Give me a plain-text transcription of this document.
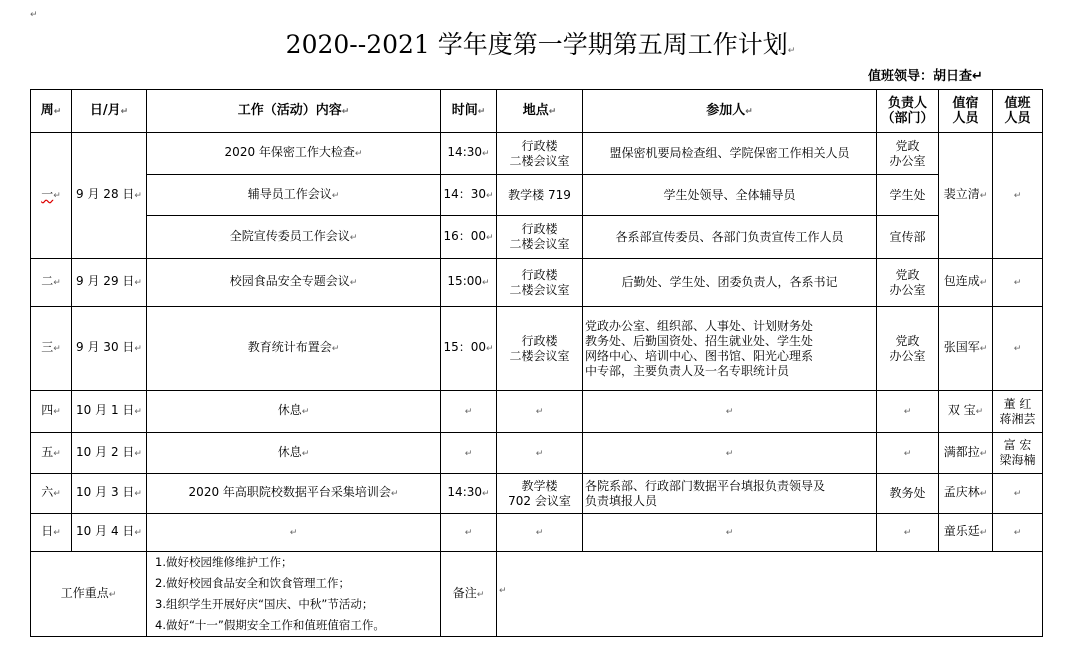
↵
2020--2021 学年度第一学期第五周工作计划↵
值班领导：胡日查↵
周↵	日/月↵	工作（活动）内容↵	时间↵	地点↵	参加人↵	负责人
（部门）	值宿
人员	值班
人员

一↵	9 月 28 日↵	2020 年保密工作大检查↵	14:30↵	行政楼
二楼会议室	盟保密机要局检查组、学院保密工作相关人员	党政
办公室	裴立清↵	↵
		辅导员工作会议↵	14：30↵	教学楼 719	学生处领导、全体辅导员	学生处		

		全院宣传委员工作会议↵	16：00↵	行政楼
二楼会议室	各系部宣传委员、各部门负责宣传工作人员	宣传部		

二↵	9 月 29 日↵	校园食品安全专题会议↵	15:00↵	行政楼
二楼会议室	后勤处、学生处、团委负责人，各系书记	党政
办公室	包连成↵	↵
三↵	9 月 30 日↵	教育统计布置会↵	15：00↵	行政楼
二楼会议室	党政办公室、组织部、人事处、计划财务处
教务处、后勤国资处、招生就业处、学生处
网络中心、培训中心、图书馆、阳光心理系
中专部，主要负责人及一名专职统计员	党政
办公室	张国军↵	↵
四↵	10 月 1 日↵	休息↵	↵	↵	↵	↵	双 宝↵	董 红
蒋湘芸

五↵	10 月 2 日↵	休息↵	↵	↵	↵	↵	满都拉↵	富 宏
梁海楠

六↵	10 月 3 日↵	2020 年高职院校数据平台采集培训会↵	14:30↵	教学楼
702 会议室	各院系部、行政部门数据平台填报负责领导及
负责填报人员	教务处	孟庆林↵	↵
日↵	10 月 4 日↵	↵	↵	↵	↵	↵	童乐廷↵	↵
工作重点↵		1.做好校园维修维护工作；
2.做好校园食品安全和饮食管理工作；
3.组织学生开展好庆“国庆、中秋”节活动；
4.做好“十一”假期安全工作和值班值宿工作。	备注↵	↵				
